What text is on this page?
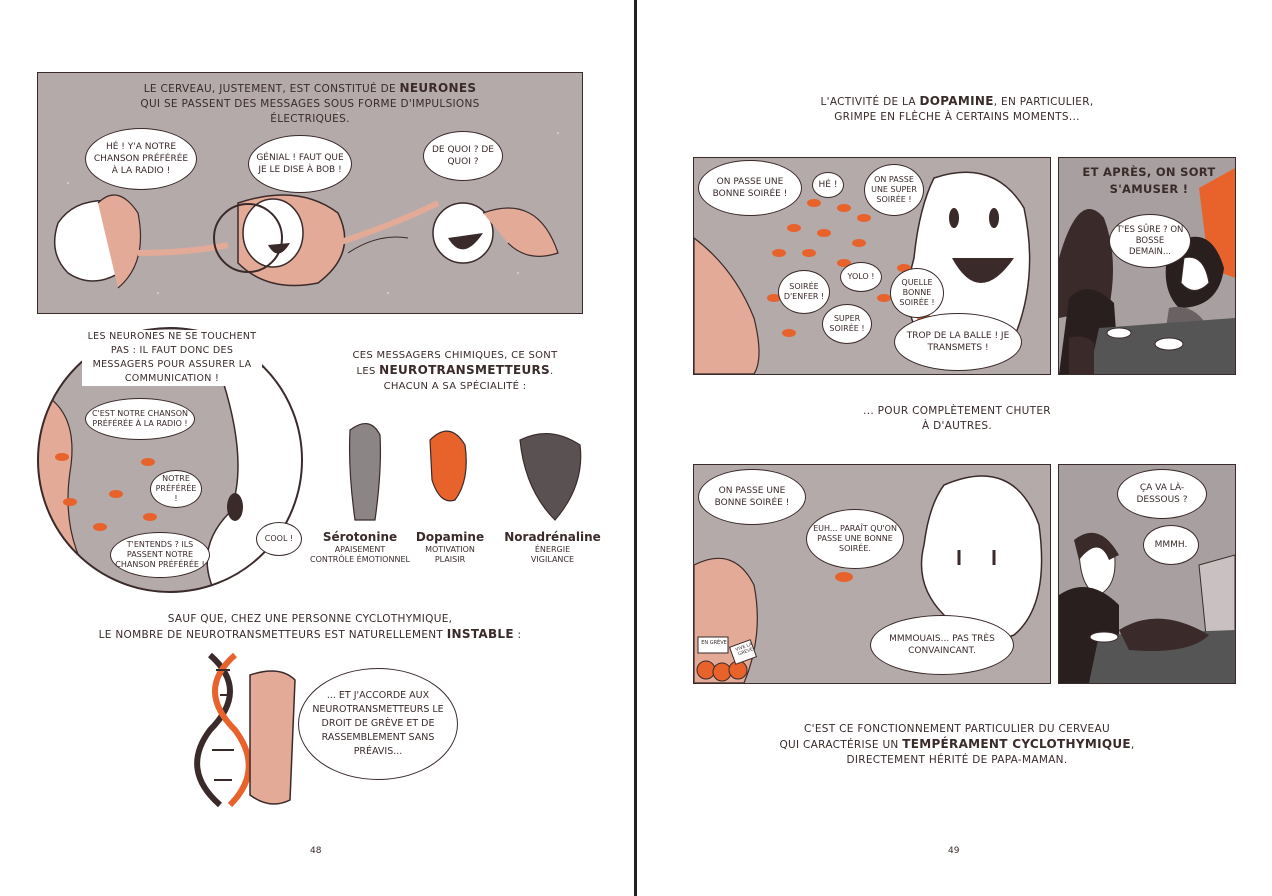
LE CERVEAU, JUSTEMENT, EST CONSTITUÉ DE NEURONES
QUI SE PASSENT DES MESSAGES SOUS FORME D'IMPULSIONS ÉLECTRIQUES.
HÉ ! Y'A NOTRE CHANSON PRÉFÉRÉE À LA RADIO !
GÉNIAL ! FAUT QUE JE LE DISE À BOB !
DE QUOI ? DE QUOI ?
LES NEURONES NE SE TOUCHENT PAS : IL FAUT DONC DES MESSAGERS POUR ASSURER LA COMMUNICATION !
C'EST NOTRE CHANSON PRÉFÉRÉE À LA RADIO !
NOTRE PRÉFÉRÉE !
T'ENTENDS ? ILS PASSENT NOTRE CHANSON PRÉFÉRÉE !
COOL !
CES MESSAGERS CHIMIQUES, CE SONT
LES NEUROTRANSMETTEURS.
CHACUN A SA SPÉCIALITÉ :
Sérotonine
APAISEMENT
CONTRÔLE ÉMOTIONNEL
Dopamine
MOTIVATION
PLAISIR
Noradrénaline
ÉNERGIE
VIGILANCE
SAUF QUE, CHEZ UNE PERSONNE CYCLOTHYMIQUE,
LE NOMBRE DE NEUROTRANSMETTEURS EST NATURELLEMENT INSTABLE :
... ET J'ACCORDE AUX NEUROTRANSMETTEURS LE DROIT DE GRÈVE ET DE RASSEMBLEMENT SANS PRÉAVIS...
48
L'ACTIVITÉ DE LA DOPAMINE, EN PARTICULIER,
GRIMPE EN FLÈCHE À CERTAINS MOMENTS...
ON PASSE UNE BONNE SOIRÉE !
HÉ !
ON PASSE UNE SUPER SOIRÉE !
SOIRÉE D'ENFER !
YOLO !
QUELLE BONNE SOIRÉE !
SUPER SOIRÉE !
TROP DE LA BALLE ! JE TRANSMETS !
ET APRÈS, ON SORT S'AMUSER !
T'ES SÛRE ? ON BOSSE DEMAIN...
... POUR COMPLÈTEMENT CHUTER
À D'AUTRES.
ON PASSE UNE BONNE SOIRÉE !
EUH... PARAÎT QU'ON PASSE UNE BONNE SOIRÉE.
MMMOUAIS... PAS TRÈS CONVAINCANT.
EN GRÈVE	VIVE LA GRÈVE
ÇA VA LÀ-DESSOUS ?
MMMH.
C'EST CE FONCTIONNEMENT PARTICULIER DU CERVEAU
QUI CARACTÉRISE UN TEMPÉRAMENT CYCLOTHYMIQUE,
DIRECTEMENT HÉRITÉ DE PAPA-MAMAN.
49
